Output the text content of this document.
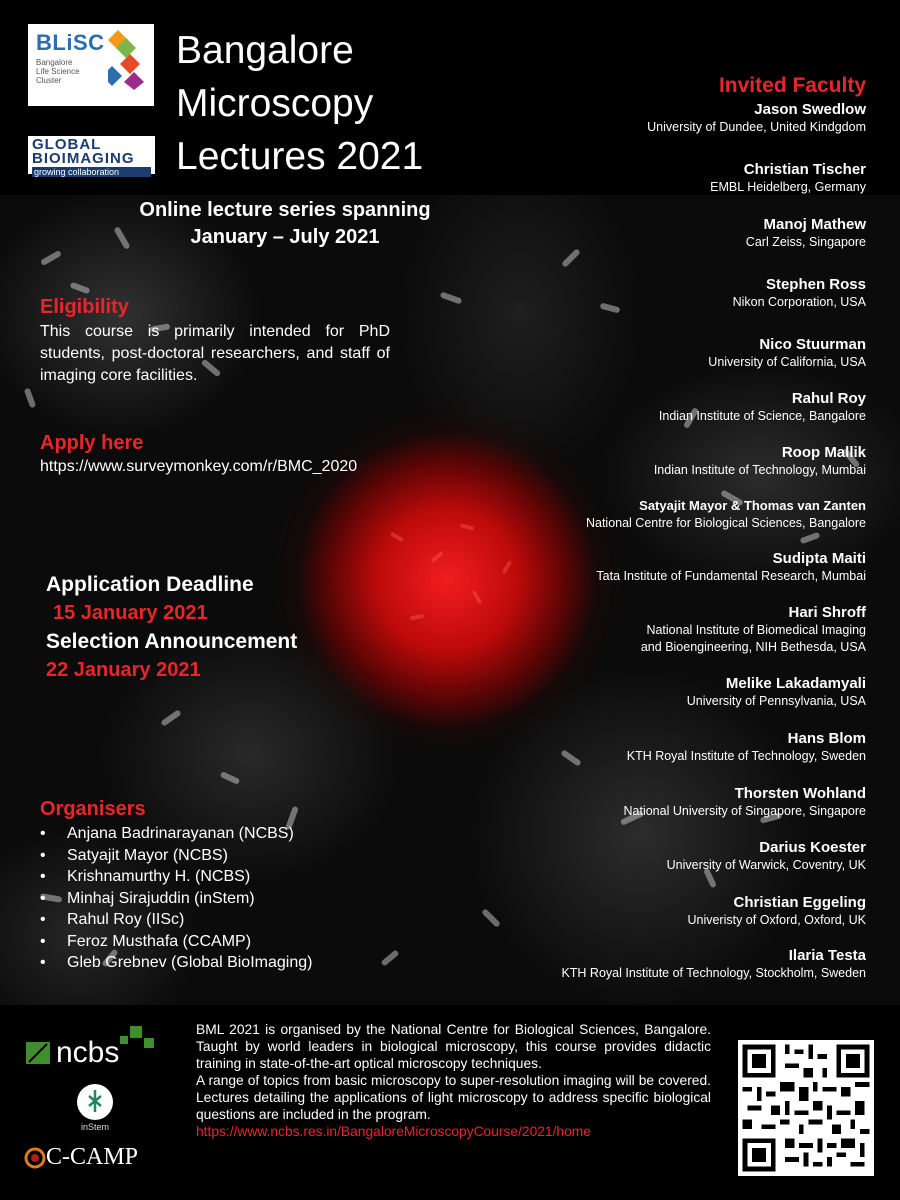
BLiSC
Bangalore
Life Science
Cluster
GLOBAL
BIOIMAGING
growing collaboration
Bangalore
Microscopy
Lectures 2021
Online lecture series spanning
January – July 2021
Eligibility

This course is primarily intended for PhD students, post-doctoral researchers, and staff of imaging core facilities.

Apply here
https://www.surveymonkey.com/r/BMC_2020
Application Deadline
15 January 2021
Selection Announcement
22 January 2021
Organisers
• Anjana Badrinarayanan (NCBS)
• Satyajit Mayor (NCBS)
• Krishnamurthy H. (NCBS)
• Minhaj Sirajuddin (inStem)
• Rahul Roy (IISc)
• Feroz Musthafa (CCAMP)
• Gleb Grebnev (Global BioImaging)
Invited Faculty
Jason Swedlow
University of Dundee, United Kindgdom
Christian Tischer
EMBL Heidelberg, Germany
Manoj Mathew
Carl Zeiss, Singapore
Stephen Ross
Nikon Corporation, USA
Nico Stuurman
University of California, USA
Rahul Roy
Indian Institute of Science, Bangalore
Roop Mallik
Indian Institute of Technology, Mumbai
Satyajit Mayor & Thomas van Zanten
National Centre for Biological Sciences, Bangalore
Sudipta Maiti
Tata Institute of Fundamental Research, Mumbai
Hari Shroff
National Institute of Biomedical Imaging
and Bioengineering, NIH Bethesda, USA
Melike Lakadamyali
University of Pennsylvania, USA
Hans Blom
KTH Royal Institute of Technology, Sweden
Thorsten Wohland
National University of Singapore, Singapore
Darius Koester
University of Warwick, Coventry, UK
Christian Eggeling
Univeristy of Oxford, Oxford, UK
Ilaria Testa
KTH Royal Institute of Technology, Stockholm, Sweden
ncbs
inStem
C-CAMP

BML 2021 is organised by the National Centre for Biological Sciences, Bangalore. Taught by world leaders in biological microscopy, this course provides didactic training in state-of-the-art optical microscopy techniques.

A range of topics from basic microscopy to super-resolution imaging will be covered. Lectures detailing the applications of light microscopy to address specific biological questions are included in the program.

https://www.ncbs.res.in/BangaloreMicroscopyCourse/2021/home
